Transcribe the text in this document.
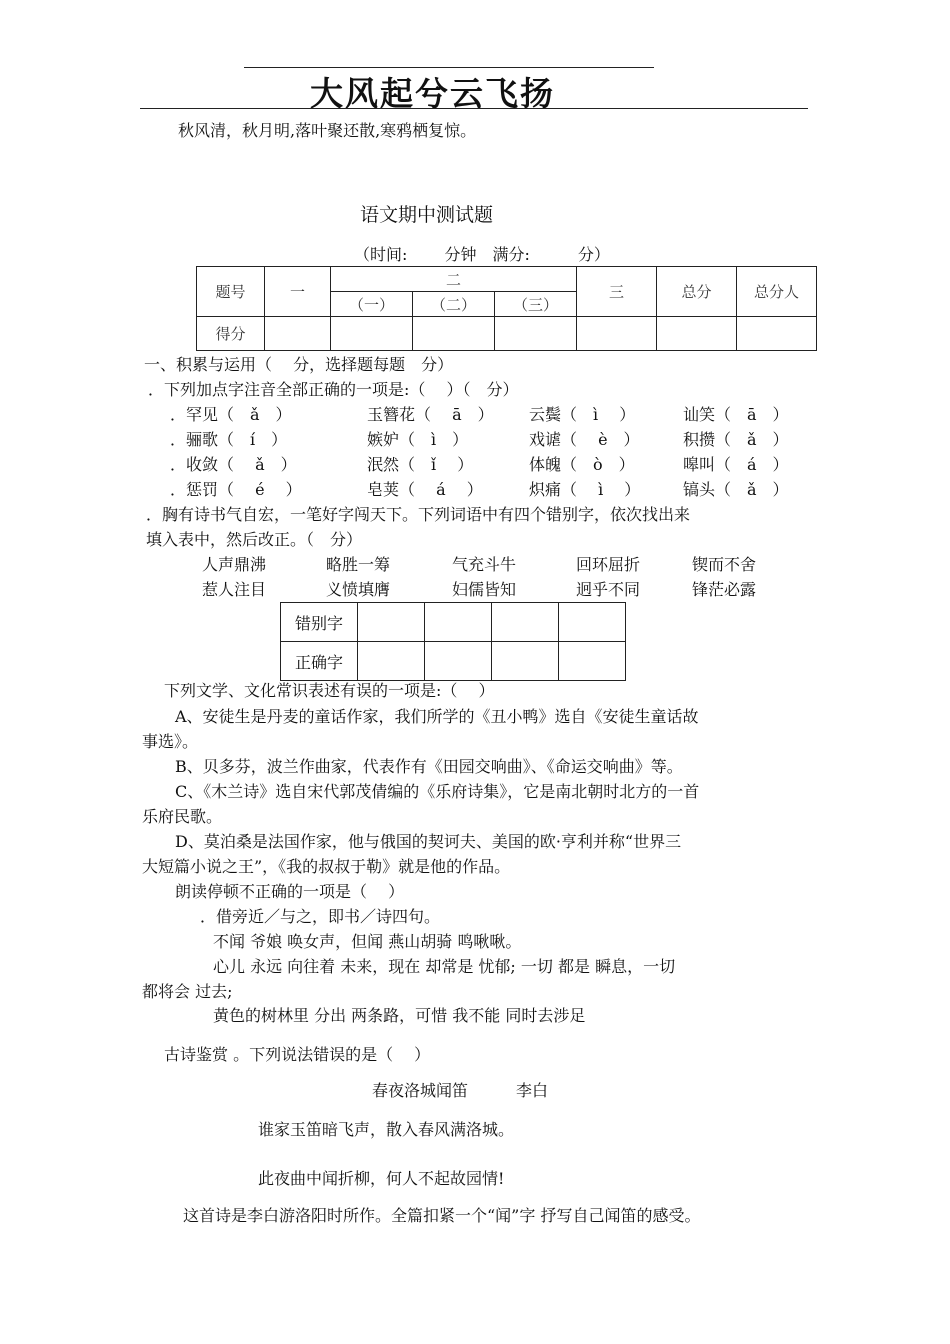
大风起兮云飞扬
秋风清，秋月明,落叶聚还散,寒鸦栖复惊。
语文期中测试题
（时间:　　 分钟　满分:　　　分）
题号	一	二			三	总分	总分人
		（一）	（二）	（三）			
得分							
一、积累与运用（　 分，选择题每题　分）
．下列加点字注音全部正确的一项是:（　 ）（　分）
．罕见（　ǎ　）	玉簪花（　 ā　） 云鬓（　ì　 ）	讪笑（　ā　）
．骊歌（　í　）	嫉妒（　ì　）	戏谑（　 è　）	积攒（　ǎ　）
．收敛（　 ǎ　）	泯然（　ǐ　 ）	体魄（　ò　）	嗥叫（　á　）
．惩罚（　 é　 ）	皂荚（　 á　 ）	炽痛（　 ì　 ）	镐头（　ǎ　）
．胸有诗书气自宏，一笔好字闯天下。下列词语中有四个错别字，依次找出来
填入表中，然后改正。（　分）
人声鼎沸	略胜一筹	气充斗牛	回环屈折	锲而不舍
惹人注目	义愤填膺	妇儒皆知	迥乎不同	锋茫必露
错别字				
正确字				
下列文学、文化常识表述有误的一项是:（　 ）
A、安徒生是丹麦的童话作家，我们所学的《丑小鸭》选自《安徒生童话故
事选》。
B、贝多芬，波兰作曲家，代表作有《田园交响曲》、《命运交响曲》等。
C、《木兰诗》选自宋代郭茂倩编的《乐府诗集》，它是南北朝时北方的一首
乐府民歌。
D、莫泊桑是法国作家，他与俄国的契诃夫、美国的欧·亨利并称“世界三
大短篇小说之王”，《我的叔叔于勒》就是他的作品。
朗读停顿不正确的一项是（　 ）
．借旁近／与之，即书／诗四句。
不闻 爷娘 唤女声，但闻 燕山胡骑 鸣啾啾。
心儿 永远 向往着 未来，现在 却常是 忧郁; 一切 都是 瞬息，一切
都将会 过去;
黄色的树林里 分出 两条路，可惜 我不能 同时去涉足
古诗鉴赏 。下列说法错误的是（　 ）
春夜洛城闻笛　　　李白
谁家玉笛暗飞声，散入春风满洛城。
此夜曲中闻折柳，何人不起故园情!
这首诗是李白游洛阳时所作。全篇扣紧一个“闻”字 抒写自己闻笛的感受。
